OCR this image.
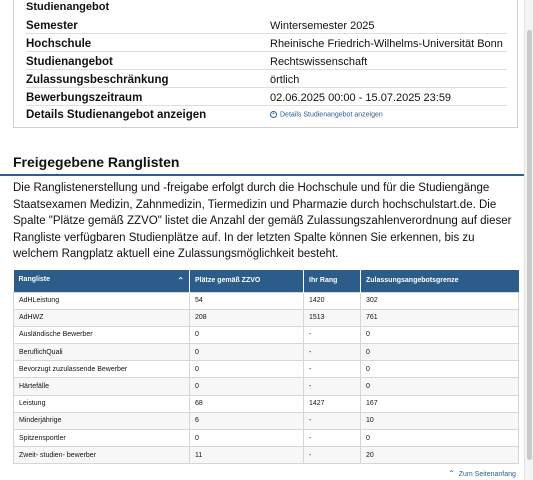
Studienangebot
Semester	Wintersemester 2025
Hochschule	Rheinische Friedrich-Wilhelms-Universität Bonn
Studienangebot	Rechtswissenschaft
Zulassungsbeschränkung	örtlich
Bewerbungszeitraum	02.06.2025 00:00 - 15.07.2025 23:59
Details Studienangebot anzeigen	+ Details Studienangebot anzeigen
Freigegebene Ranglisten
Die Ranglistenerstellung und -freigabe erfolgt durch die Hochschule und für die Studiengänge Staatsexamen Medizin, Zahnmedizin, Tiermedizin und Pharmazie durch hochschulstart.de. Die Spalte "Plätze gemäß ZZVO" listet die Anzahl der gemäß Zulassungszahlenverordnung auf dieser Rangliste verfügbaren Studienplätze auf. In der letzten Spalte können Sie erkennen, bis zu welchem Rangplatz aktuell eine Zulassungsmöglichkeit besteht.
Rangliste ⌃	Plätze gemäß ZZVO	Ihr Rang	Zulassungsangebotsgrenze
AdHLeistung	54	1420	302
AdHWZ	208	1513	761
Ausländische Bewerber	0	-	0
BeruflichQuali	0	-	0
Bevorzugt zuzulassende Bewerber	0	-	0
Härtefälle	0	-	0
Leistung	68	1427	167
Minderjährige	6	-	10
Spitzensportler	0	-	0
Zweit- studien- bewerber	11	-	20
⌃ Zum Seitenanfang
